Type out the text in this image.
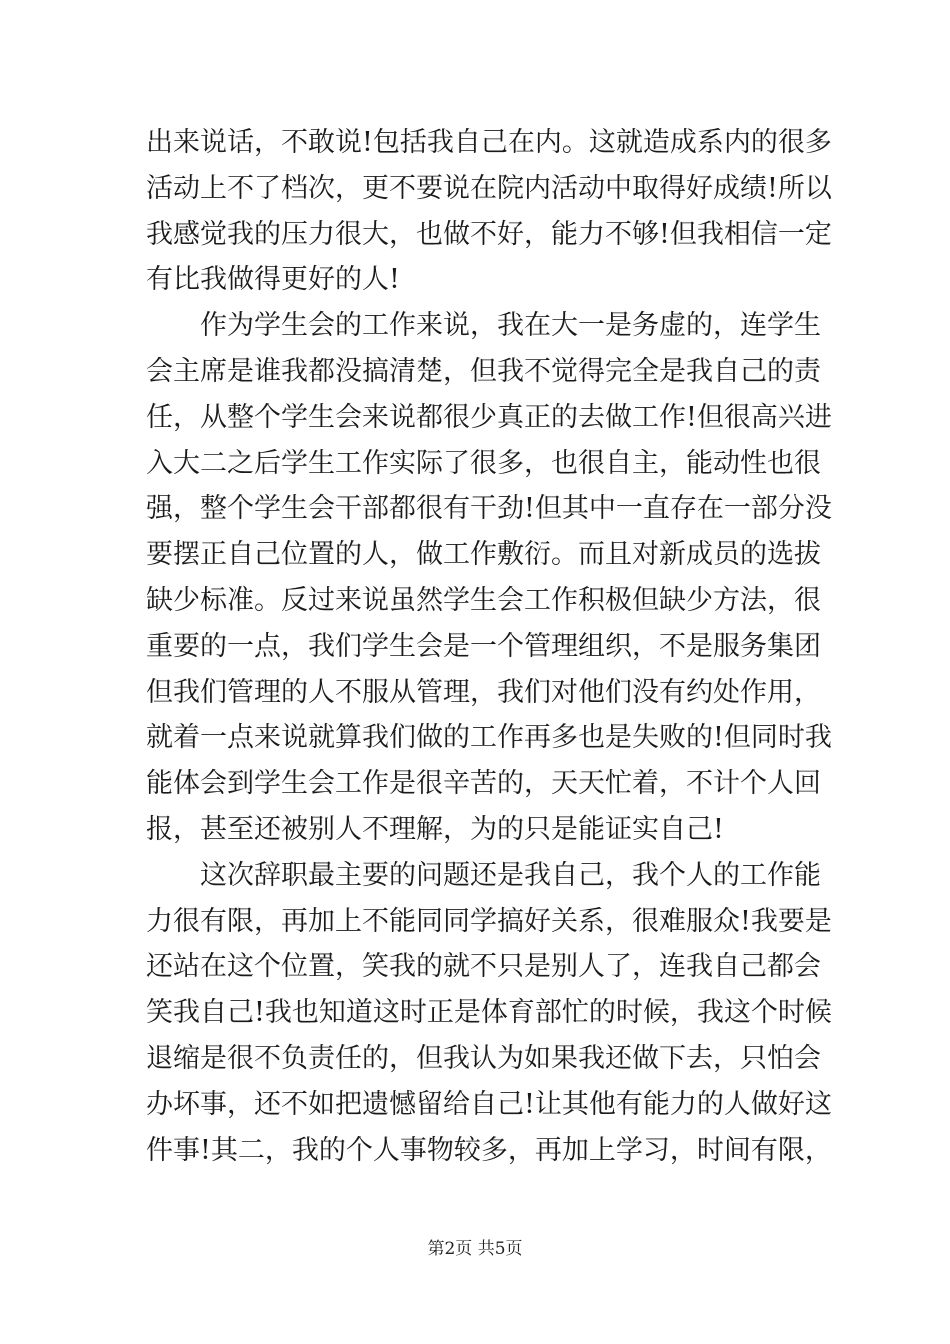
出来说话，不敢说!包括我自己在内。这就造成系内的很多
活动上不了档次，更不要说在院内活动中取得好成绩!所以
我感觉我的压力很大，也做不好，能力不够!但我相信一定
有比我做得更好的人!
　　作为学生会的工作来说，我在大一是务虚的，连学生
会主席是谁我都没搞清楚，但我不觉得完全是我自己的责
任，从整个学生会来说都很少真正的去做工作!但很高兴进
入大二之后学生工作实际了很多，也很自主，能动性也很
强，整个学生会干部都很有干劲!但其中一直存在一部分没
要摆正自己位置的人，做工作敷衍。而且对新成员的选拔
缺少标准。反过来说虽然学生会工作积极但缺少方法，很
重要的一点，我们学生会是一个管理组织，不是服务集团
但我们管理的人不服从管理，我们对他们没有约处作用，
就着一点来说就算我们做的工作再多也是失败的!但同时我
能体会到学生会工作是很辛苦的，天天忙着，不计个人回
报，甚至还被别人不理解，为的只是能证实自己!
　　这次辞职最主要的问题还是我自己，我个人的工作能
力很有限，再加上不能同同学搞好关系，很难服众!我要是
还站在这个位置，笑我的就不只是别人了，连我自己都会
笑我自己!我也知道这时正是体育部忙的时候，我这个时候
退缩是很不负责任的，但我认为如果我还做下去，只怕会
办坏事，还不如把遗憾留给自己!让其他有能力的人做好这
件事!其二，我的个人事物较多，再加上学习，时间有限，
第2页 共5页
